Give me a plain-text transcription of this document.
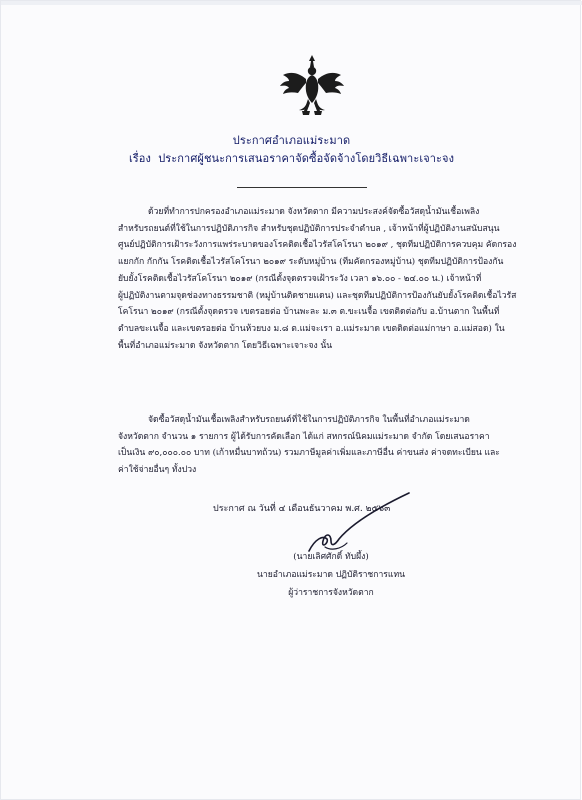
ประกาศอำเภอแม่ระมาด
เรื่อง ประกาศผู้ชนะการเสนอราคาจัดซื้อจัดจ้างโดยวิธีเฉพาะเจาะจง
ด้วยที่ทำการปกครองอำเภอแม่ระมาด จังหวัดตาก มีความประสงค์จัดซื้อวัสดุน้ำมันเชื้อเพลิง
สำหรับรถยนต์ที่ใช้ในการปฏิบัติภารกิจ สำหรับชุดปฏิบัติการประจำตำบล , เจ้าหน้าที่ผู้ปฏิบัติงานสนับสนุน
ศูนย์ปฏิบัติการเฝ้าระวังการแพร่ระบาดของโรคติดเชื้อไวรัสโคโรนา ๒๐๑๙ , ชุดทีมปฏิบัติการควบคุม คัดกรอง
แยกกัก กักกัน โรคติดเชื้อไวรัสโคโรนา ๒๐๑๙ ระดับหมู่บ้าน (ทีมคัดกรองหมู่บ้าน) ชุดทีมปฏิบัติการป้องกัน
ยับยั้งโรคติดเชื้อไวรัสโคโรนา ๒๐๑๙ (กรณีตั้งจุดตรวจเฝ้าระวัง เวลา ๑๖.๐๐ - ๒๔.๐๐ น.) เจ้าหน้าที่
ผู้ปฏิบัติงานตามจุดช่องทางธรรมชาติ (หมู่บ้านติดชายแดน) และชุดทีมปฏิบัติการป้องกันยับยั้งโรคติดเชื้อไวรัส
โคโรนา ๒๐๑๙ (กรณีตั้งจุดตรวจ เขตรอยต่อ บ้านพะละ ม.๓ ต.ขะเนจื้อ เขตติดต่อกับ อ.บ้านตาก ในพื้นที่
ตำบลขะเนจื้อ และเขตรอยต่อ บ้านห้วยบง ม.๘ ต.แม่จะเรา อ.แม่ระมาด เขตติดต่อแม่กาษา อ.แม่สอด) ใน
พื้นที่อำเภอแม่ระมาด จังหวัดตาก โดยวิธีเฉพาะเจาะจง นั้น
จัดซื้อวัสดุน้ำมันเชื้อเพลิงสำหรับรถยนต์ที่ใช้ในการปฏิบัติภารกิจ ในพื้นที่อำเภอแม่ระมาด
จังหวัดตาก จำนวน ๑ รายการ ผู้ได้รับการคัดเลือก ได้แก่ สหกรณ์นิคมแม่ระมาด จำกัด โดยเสนอราคา
เป็นเงิน ๙๐,๐๐๐.๐๐ บาท (เก้าหมื่นบาทถ้วน) รวมภาษีมูลค่าเพิ่มและภาษีอื่น ค่าขนส่ง ค่าจดทะเบียน และ
ค่าใช้จ่ายอื่นๆ ทั้งปวง
ประกาศ ณ วันที่ ๔ เดือนธันวาคม พ.ศ. ๒๕๖๓
(นายเลิศศักดิ์ ทับผึ้ง)
นายอำเภอแม่ระมาด ปฏิบัติราชการแทน
ผู้ว่าราชการจังหวัดตาก
